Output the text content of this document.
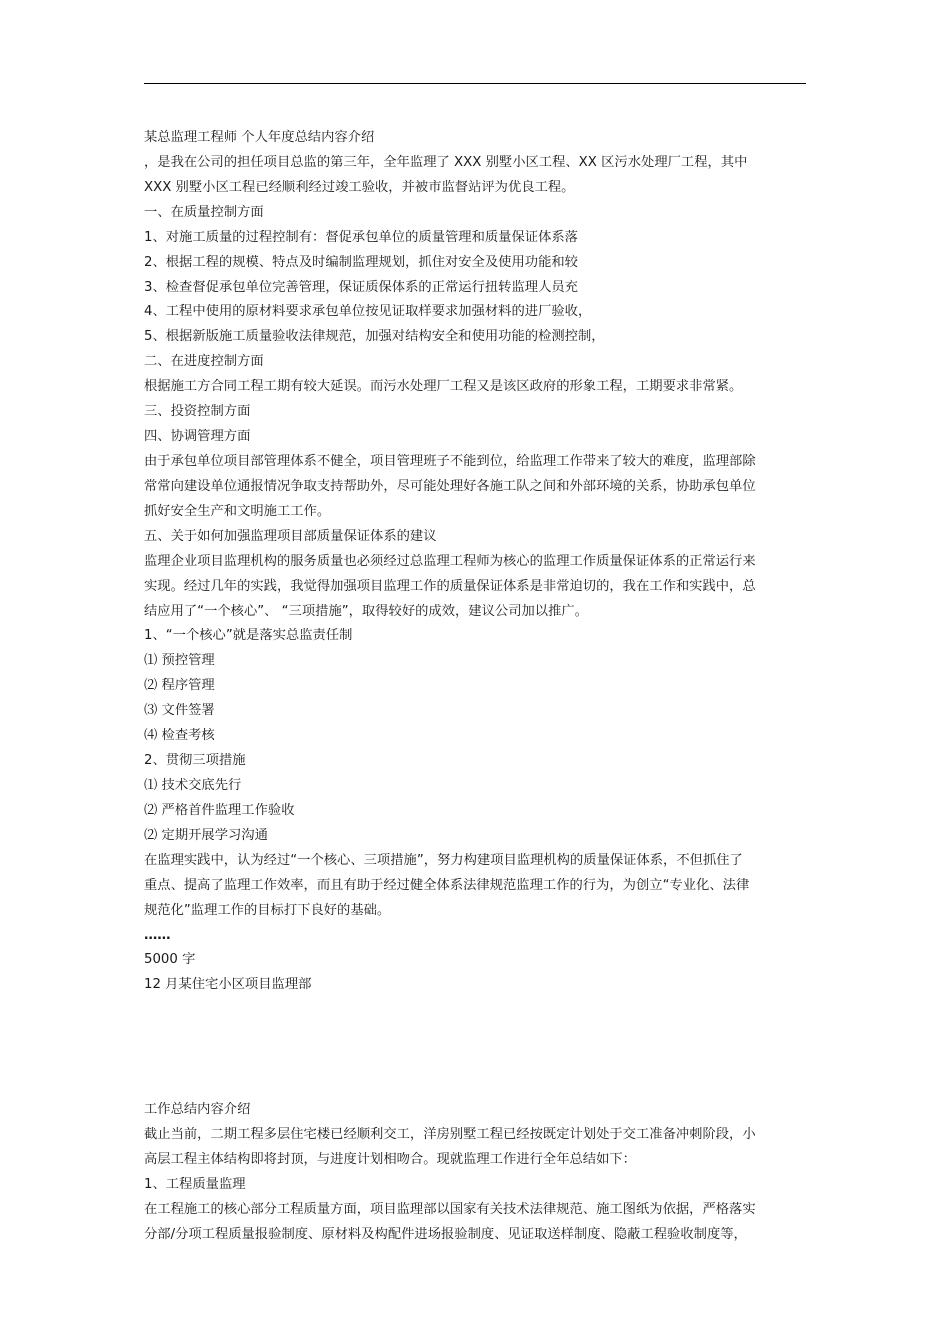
某总监理工程师 个人年度总结内容介绍
，是我在公司的担任项目总监的第三年，全年监理了 XXX 别墅小区工程、XX 区污水处理厂工程，其中
XXX 别墅小区工程已经顺利经过竣工验收，并被市监督站评为优良工程。
一、在质量控制方面
1、对施工质量的过程控制有：督促承包单位的质量管理和质量保证体系落
2、根据工程的规模、特点及时编制监理规划，抓住对安全及使用功能和较
3、检查督促承包单位完善管理，保证质保体系的正常运行扭转监理人员充
4、工程中使用的原材料要求承包单位按见证取样要求加强材料的进厂验收，
5、根据新版施工质量验收法律规范，加强对结构安全和使用功能的检测控制，
二、在进度控制方面
根据施工方合同工程工期有较大延误。而污水处理厂工程又是该区政府的形象工程，工期要求非常紧。
三、投资控制方面
四、协调管理方面
由于承包单位项目部管理体系不健全，项目管理班子不能到位，给监理工作带来了较大的难度，监理部除
常常向建设单位通报情况争取支持帮助外，尽可能处理好各施工队之间和外部环境的关系，协助承包单位
抓好安全生产和文明施工工作。
五、关于如何加强监理项目部质量保证体系的建议
监理企业项目监理机构的服务质量也必须经过总监理工程师为核心的监理工作质量保证体系的正常运行来
实现。经过几年的实践，我觉得加强项目监理工作的质量保证体系是非常迫切的，我在工作和实践中，总
结应用了“一个核心”、 “三项措施”，取得较好的成效，建议公司加以推广。
1、“一个核心”就是落实总监责任制
⑴ 预控管理
⑵ 程序管理
⑶ 文件签署
⑷ 检查考核
2、贯彻三项措施
⑴ 技术交底先行
⑵ 严格首件监理工作验收
⑵ 定期开展学习沟通
在监理实践中，认为经过“一个核心、三项措施”，努力构建项目监理机构的质量保证体系，不但抓住了
重点、提高了监理工作效率，而且有助于经过健全体系法律规范监理工作的行为，为创立“专业化、法律
规范化”监理工作的目标打下良好的基础。
……
5000 字
12 月某住宅小区项目监理部
工作总结内容介绍
截止当前，二期工程多层住宅楼已经顺利交工，洋房别墅工程已经按既定计划处于交工准备冲刺阶段，小
高层工程主体结构即将封顶，与进度计划相吻合。现就监理工作进行全年总结如下：
1、工程质量监理
在工程施工的核心部分工程质量方面，项目监理部以国家有关技术法律规范、施工图纸为依据，严格落实
分部/分项工程质量报验制度、原材料及构配件进场报验制度、见证取送样制度、隐蔽工程验收制度等，
